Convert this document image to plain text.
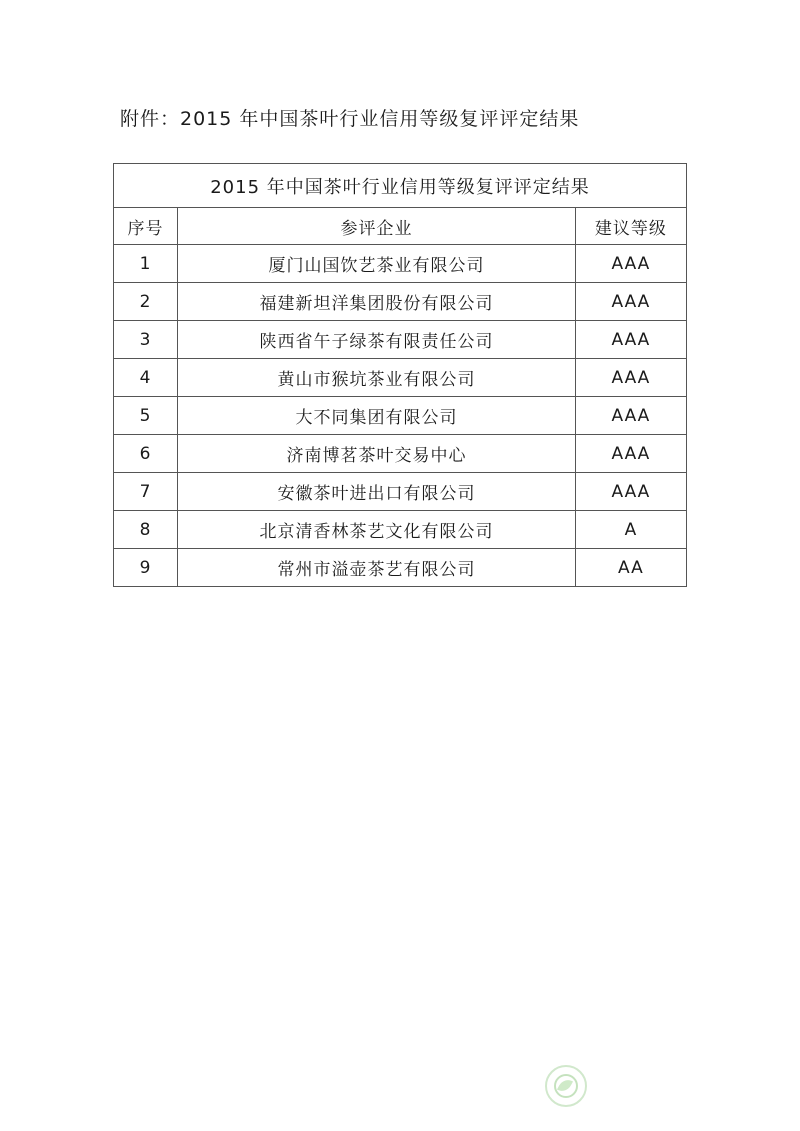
附件：2015 年中国茶叶行业信用等级复评评定结果
2015 年中国茶叶行业信用等级复评评定结果		
序号	参评企业	建议等级
1	厦门山国饮艺茶业有限公司	AAA
2	福建新坦洋集团股份有限公司	AAA
3	陕西省午子绿茶有限责任公司	AAA
4	黄山市猴坑茶业有限公司	AAA
5	大不同集团有限公司	AAA
6	济南博茗茶叶交易中心	AAA
7	安徽茶叶进出口有限公司	AAA
8	北京清香林茶艺文化有限公司	A
9	常州市溢壶茶艺有限公司	AA
